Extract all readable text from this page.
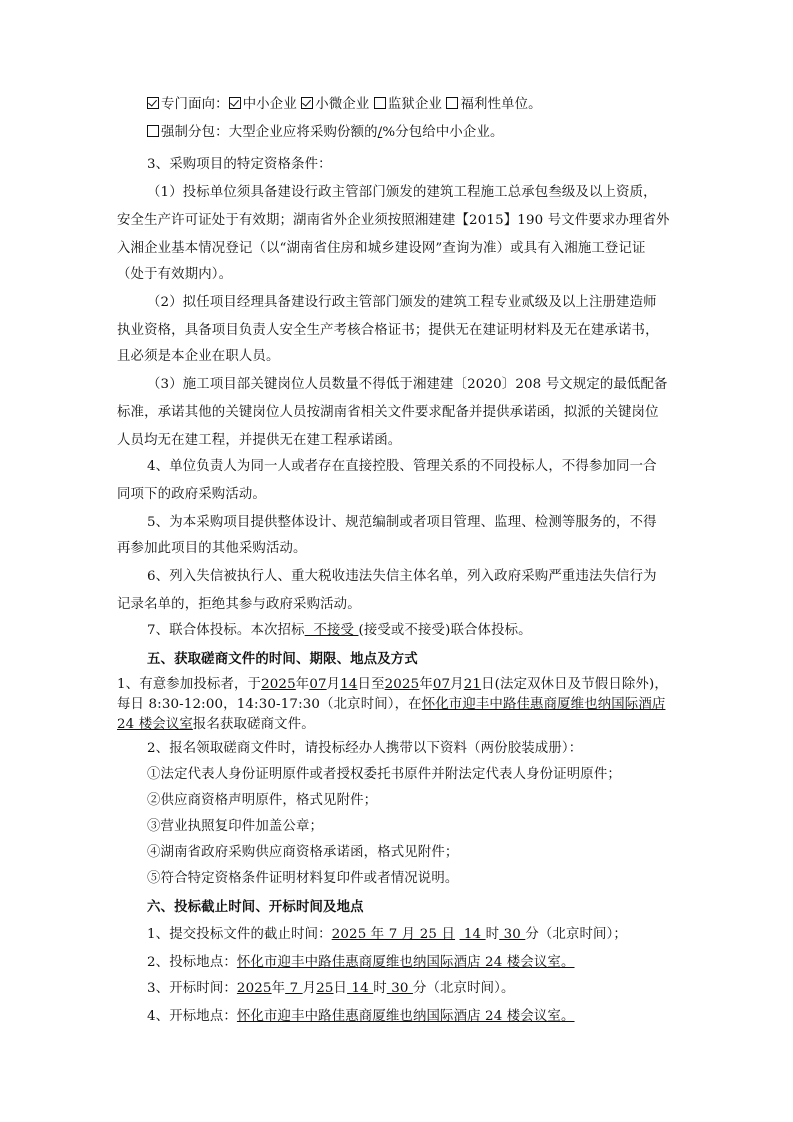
专门面向： 中小企业 小微企业 监狱企业 福利性单位。
强制分包：大型企业应将采购份额的/%分包给中小企业。
3、采购项目的特定资格条件：
（1）投标单位须具备建设行政主管部门颁发的建筑工程施工总承包叁级及以上资质，
安全生产许可证处于有效期；湖南省外企业须按照湘建建【2015】190 号文件要求办理省外
入湘企业基本情况登记（以“湖南省住房和城乡建设网”查询为准）或具有入湘施工登记证
（处于有效期内）。
（2）拟任项目经理具备建设行政主管部门颁发的建筑工程专业贰级及以上注册建造师
执业资格，具备项目负责人安全生产考核合格证书；提供无在建证明材料及无在建承诺书，
且必须是本企业在职人员。
（3）施工项目部关键岗位人员数量不得低于湘建建〔2020〕208 号文规定的最低配备
标准，承诺其他的关键岗位人员按湖南省相关文件要求配备并提供承诺函，拟派的关键岗位
人员均无在建工程，并提供无在建工程承诺函。
4、单位负责人为同一人或者存在直接控股、管理关系的不同投标人，不得参加同一合
同项下的政府采购活动。
5、为本采购项目提供整体设计、规范编制或者项目管理、监理、检测等服务的，不得
再参加此项目的其他采购活动。
6、列入失信被执行人、重大税收违法失信主体名单，列入政府采购严重违法失信行为
记录名单的，拒绝其参与政府采购活动。
7、联合体投标。本次招标  不接受 (接受或不接受)联合体投标。
五、获取磋商文件的时间、期限、地点及方式
1、有意参加投标者，于2025年07月14日至2025年07月21日(法定双休日及节假日除外)，
每日 8:30-12:00，14:30-17:30（北京时间），在怀化市迎丰中路佳惠商厦维也纳国际酒店
24 楼会议室报名获取磋商文件。
2、报名领取磋商文件时，请投标经办人携带以下资料（两份胶装成册）：
①法定代表人身份证明原件或者授权委托书原件并附法定代表人身份证明原件；
②供应商资格声明原件，格式见附件；
③营业执照复印件加盖公章；
④湖南省政府采购供应商资格承诺函，格式见附件；
⑤符合特定资格条件证明材料复印件或者情况说明。
六、投标截止时间、开标时间及地点
1、提交投标文件的截止时间：2025 年 7 月 25 日  14 时 30 分（北京时间）；
2、投标地点：怀化市迎丰中路佳惠商厦维也纳国际酒店 24 楼会议室。
3、开标时间：2025年 7 月25日 14 时 30 分（北京时间）。
4、开标地点：怀化市迎丰中路佳惠商厦维也纳国际酒店 24 楼会议室。
